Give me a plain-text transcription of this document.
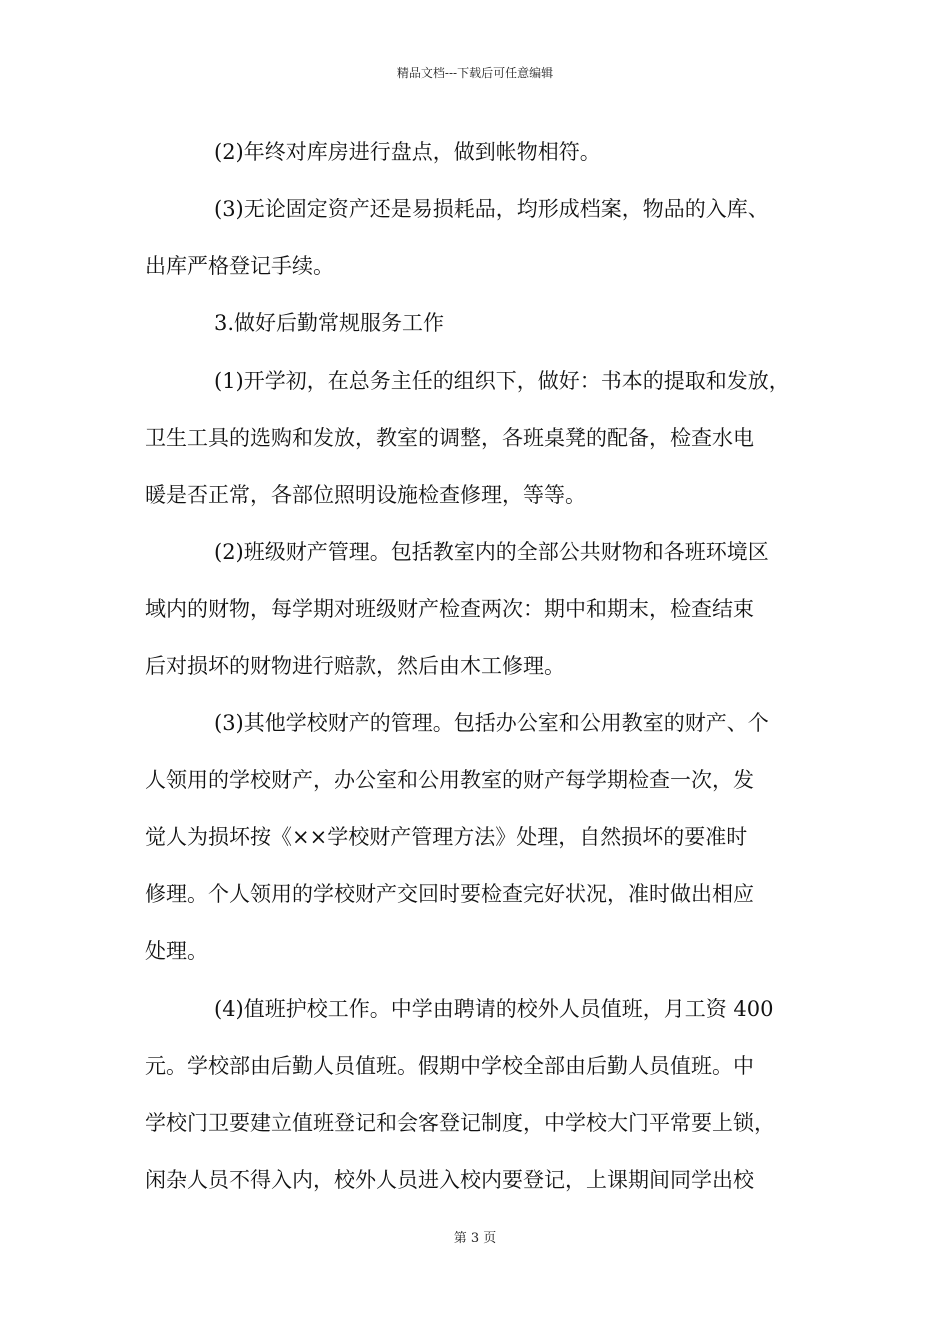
精品文档---下载后可任意编辑
(2)年终对库房进行盘点，做到帐物相符。
(3)无论固定资产还是易损耗品，均形成档案，物品的入库、
出库严格登记手续。
3.做好后勤常规服务工作
(1)开学初，在总务主任的组织下，做好：书本的提取和发放，
卫生工具的选购和发放，教室的调整，各班桌凳的配备，检查水电
暖是否正常，各部位照明设施检查修理，等等。
(2)班级财产管理。包括教室内的全部公共财物和各班环境区
域内的财物，每学期对班级财产检查两次：期中和期末，检查结束
后对损坏的财物进行赔款，然后由木工修理。
(3)其他学校财产的管理。包括办公室和公用教室的财产、个
人领用的学校财产，办公室和公用教室的财产每学期检查一次，发
觉人为损坏按《××学校财产管理方法》处理，自然损坏的要准时
修理。个人领用的学校财产交回时要检查完好状况，准时做出相应
处理。
(4)值班护校工作。中学由聘请的校外人员值班，月工资 400
元。学校部由后勤人员值班。假期中学校全部由后勤人员值班。中
学校门卫要建立值班登记和会客登记制度，中学校大门平常要上锁，
闲杂人员不得入内，校外人员进入校内要登记，上课期间同学出校
第 3 页
